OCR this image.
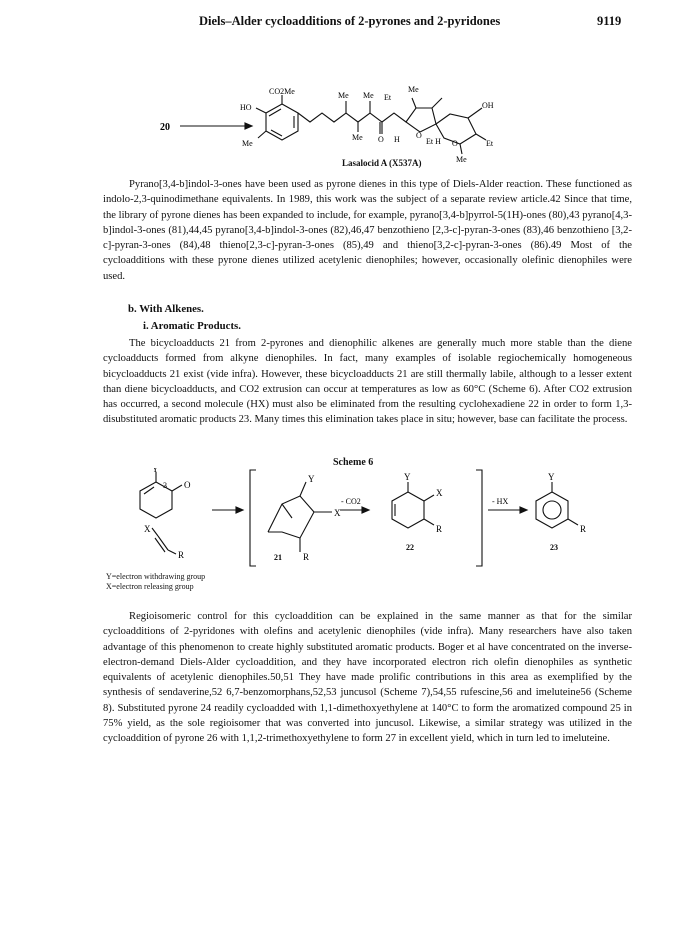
Diels–Alder cycloadditions of 2-pyrones and 2-pyridones	9119
20
CO2Me
HO
Me
Me Me Et
Me
Me O H O
Et H O
OH
Et
Me
Lasalocid A (X537A)
Pyrano[3,4-b]indol-3-ones have been used as pyrone dienes in this type of Diels-Alder reaction. These functioned as indolo-2,3-quinodimethane equivalents. In 1989, this work was the subject of a separate review article.42 Since that time, the library of pyrone dienes has been expanded to include, for example, pyrano[3,4-b]pyrrol-5(1H)-ones (80),43 pyrano[4,3-b]indol-3-ones (81),44,45 pyrano[3,4-b]indol-3-ones (82),46,47 benzothieno [2,3-c]-pyran-3-ones (83),46 benzothieno [3,2-c]-pyran-3-ones (84),48 thieno[2,3-c]-pyran-3-ones (85),49 and thieno[3,2-c]-pyran-3-ones (86).49 Most of the cycloadditions with these pyrone dienes utilized acetylenic dienophiles; however, occasionally olefinic dienophiles were used.
b. With Alkenes.
i. Aromatic Products.
The bicycloadducts 21 from 2-pyrones and dienophilic alkenes are generally much more stable than the diene cycloadducts formed from alkyne dienophiles. In fact, many examples of isolable regiochemically homogeneous bicycloadducts 21 exist (vide infra). However, these bicycloadducts 21 are still thermally labile, although to a lesser extent than diene bicycloadducts, and CO2 extrusion can occur at temperatures as low as 60°C (Scheme 6). After CO2 extrusion has occurred, a second molecule (HX) must also be eliminated from the resulting cyclohexadiene 22 in order to form 1,3-disubstituted aromatic products 23. Many times this elimination takes place in situ; however, base can facilitate the process.
Scheme 6
Y
3 O
X
R
Y
X
R
21
- CO2
Y
X
R
22
- HX
Y
R
23
Y=electron withdrawing group
X=electron releasing group
Regioisomeric control for this cycloaddition can be explained in the same manner as that for the similar cycloadditions of 2-pyridones with olefins and acetylenic dienophiles (vide infra). Many researchers have also taken advantage of this phenomenon to create highly substituted aromatic products. Boger et al have concentrated on the inverse-electron-demand Diels-Alder cycloaddition, and they have incorporated electron rich olefin dienophiles as synthetic equivalents of acetylenic dienophiles.50,51 They have made prolific contributions in this area as exemplified by the synthesis of sendaverine,52 6,7-benzomorphans,52,53 juncusol (Scheme 7),54,55 rufescine,56 and imeluteine56 (Scheme 8). Substituted pyrone 24 readily cycloadded with 1,1-dimethoxyethylene at 140°C to form the aromatized compound 25 in 75% yield, as the sole regioisomer that was converted into juncusol. Likewise, a similar strategy was utilized in the cycloaddition of pyrone 26 with 1,1,2-trimethoxyethylene to form 27 in excellent yield, which in turn led to imeluteine.
